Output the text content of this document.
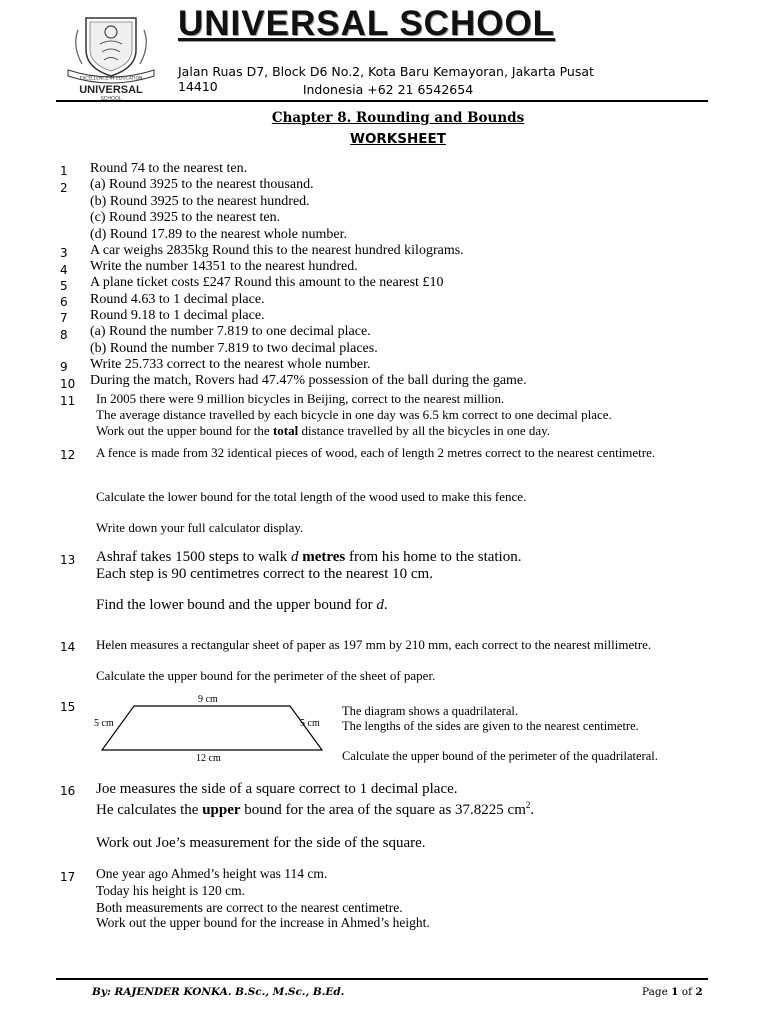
EXCELLENCE IN EDUCATION
UNIVERSAL
SCHOOL
UNIVERSAL SCHOOL
Jalan Ruas D7, Block D6 No.2, Kota Baru Kemayoran, Jakarta Pusat 14410	Indonesia +62 21 6542654
Chapter 8. Rounding and Bounds
WORKSHEET
1 Round 74 to the nearest ten.
2 (a) Round 3925 to the nearest thousand.
(b) Round 3925 to the nearest hundred.
(c) Round 3925 to the nearest ten.
(d) Round 17.89 to the nearest whole number.
3 A car weighs 2835kg Round this to the nearest hundred kilograms.
4 Write the number 14351 to the nearest hundred.
5 A plane ticket costs £247 Round this amount to the nearest £10
6 Round 4.63 to 1 decimal place.
7 Round 9.18 to 1 decimal place.
8 (a) Round the number 7.819 to one decimal place.
(b) Round the number 7.819 to two decimal places.
9 Write 25.733 correct to the nearest whole number.
10 During the match, Rovers had 47.47% possession of the ball during the game.
11 In 2005 there were 9 million bicycles in Beijing, correct to the nearest million.
The average distance travelled by each bicycle in one day was 6.5 km correct to one decimal place.
Work out the upper bound for the total distance travelled by all the bicycles in one day.
12 A fence is made from 32 identical pieces of wood, each of length 2 metres correct to the nearest centimetre.
Calculate the lower bound for the total length of the wood used to make this fence.
Write down your full calculator display.
13 Ashraf takes 1500 steps to walk d metres from his home to the station.
Each step is 90 centimetres correct to the nearest 10 cm.
Find the lower bound and the upper bound for d.
14 Helen measures a rectangular sheet of paper as 197 mm by 210 mm, each correct to the nearest millimetre.
Calculate the upper bound for the perimeter of the sheet of paper.
15
9 cm
5 cm	5 cm
12 cm
The diagram shows a quadrilateral.
The lengths of the sides are given to the nearest centimetre.
Calculate the upper bound of the perimeter of the quadrilateral.
16 Joe measures the side of a square correct to 1 decimal place.
He calculates the upper bound for the area of the square as 37.8225 $cm^2$.
Work out Joe’s measurement for the side of the square.
17 One year ago Ahmed’s height was 114 cm.
Today his height is 120 cm.
Both measurements are correct to the nearest centimetre.
Work out the upper bound for the increase in Ahmed’s height.
By: RAJENDER KONKA. B.Sc., M.Sc., B.Ed.	Page 1 of 2
